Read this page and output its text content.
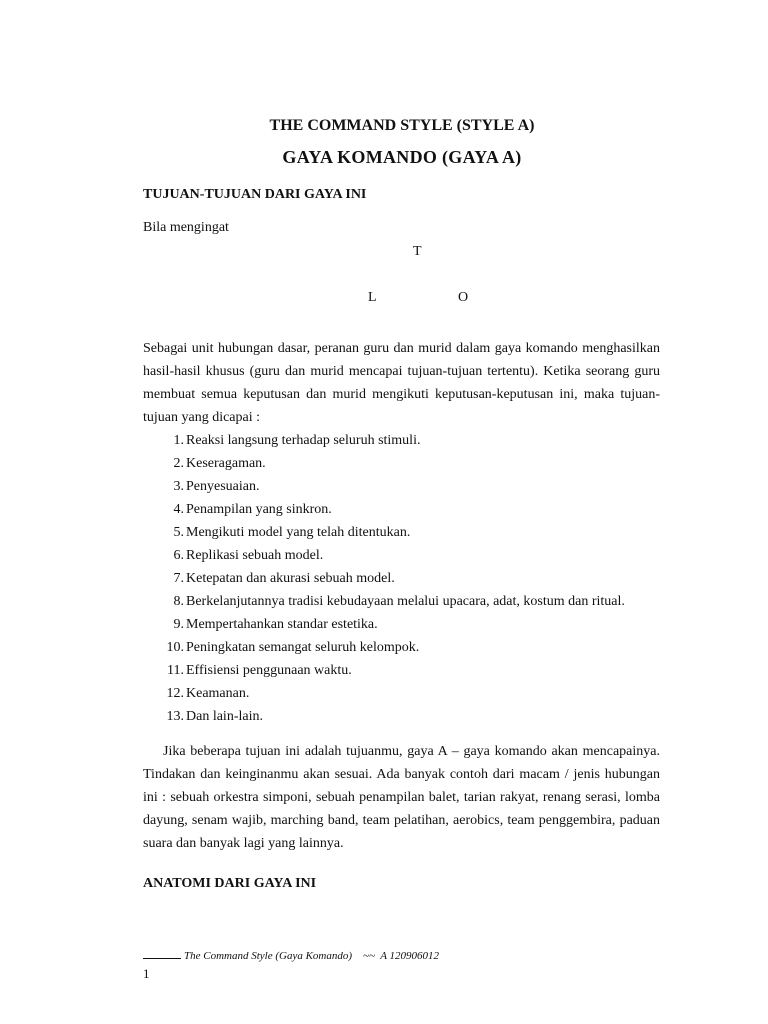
THE COMMAND STYLE (STYLE A)
GAYA KOMANDO (GAYA A)
TUJUAN-TUJUAN DARI GAYA INI
Bila mengingat
T
L	O

Sebagai unit hubungan dasar, peranan guru dan murid dalam gaya komando menghasilkan hasil-hasil khusus (guru dan murid mencapai tujuan-tujuan tertentu). Ketika seorang guru membuat semua keputusan dan murid mengikuti keputusan-keputusan ini, maka tujuan-tujuan yang dicapai :

1. Reaksi langsung terhadap seluruh stimuli.
2. Keseragaman.
3. Penyesuaian.
4. Penampilan yang sinkron.
5. Mengikuti model yang telah ditentukan.
6. Replikasi sebuah model.
7. Ketepatan dan akurasi sebuah model.
8. Berkelanjutannya tradisi kebudayaan melalui upacara, adat, kostum dan ritual.
9. Mempertahankan standar estetika.
10. Peningkatan semangat seluruh kelompok.
11. Effisiensi penggunaan waktu.
12. Keamanan.
13. Dan lain-lain.

Jika beberapa tujuan ini adalah tujuanmu, gaya A – gaya komando akan mencapainya. Tindakan dan keinginanmu akan sesuai. Ada banyak contoh dari macam / jenis hubungan ini : sebuah orkestra simponi, sebuah penampilan balet, tarian rakyat, renang serasi, lomba dayung, senam wajib, marching band, team pelatihan, aerobics, team penggembira, paduan suara dan banyak lagi yang lainnya.

ANATOMI DARI GAYA INI
The Command Style (Gaya Komando)    ~~  A 120906012
1
